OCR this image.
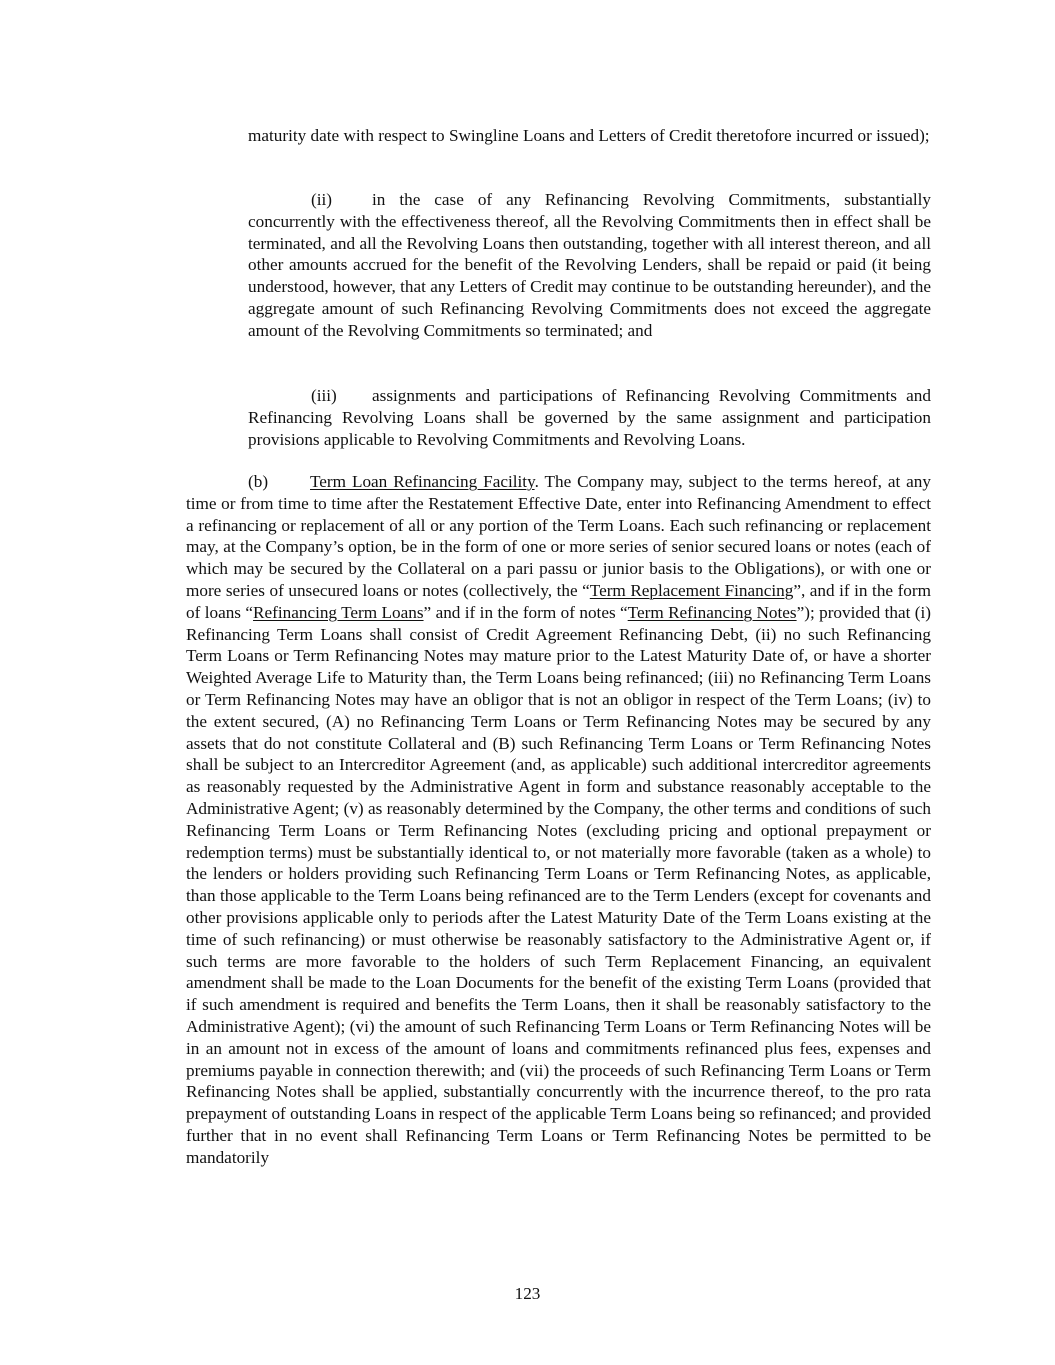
maturity date with respect to Swingline Loans and Letters of Credit theretofore incurred or issued);

(ii) in the case of any Refinancing Revolving Commitments, substantially concurrently with the effectiveness thereof, all the Revolving Commitments then in effect shall be terminated, and all the Revolving Loans then outstanding, together with all interest thereon, and all other amounts accrued for the benefit of the Revolving Lenders, shall be repaid or paid (it being understood, however, that any Letters of Credit may continue to be outstanding hereunder), and the aggregate amount of such Refinancing Revolving Commitments does not exceed the aggregate amount of the Revolving Commitments so terminated; and

(iii) assignments and participations of Refinancing Revolving Commitments and Refinancing Revolving Loans shall be governed by the same assignment and participation provisions applicable to Revolving Commitments and Revolving Loans.

(b) Term Loan Refinancing Facility. The Company may, subject to the terms hereof, at any time or from time to time after the Restatement Effective Date, enter into Refinancing Amendment to effect a refinancing or replacement of all or any portion of the Term Loans. Each such refinancing or replacement may, at the Company’s option, be in the form of one or more series of senior secured loans or notes (each of which may be secured by the Collateral on a pari passu or junior basis to the Obligations), or with one or more series of unsecured loans or notes (collectively, the “Term Replacement Financing”, and if in the form of loans “Refinancing Term Loans” and if in the form of notes “Term Refinancing Notes”); provided that (i) Refinancing Term Loans shall consist of Credit Agreement Refinancing Debt, (ii) no such Refinancing Term Loans or Term Refinancing Notes may mature prior to the Latest Maturity Date of, or have a shorter Weighted Average Life to Maturity than, the Term Loans being refinanced; (iii) no Refinancing Term Loans or Term Refinancing Notes may have an obligor that is not an obligor in respect of the Term Loans; (iv) to the extent secured, (A) no Refinancing Term Loans or Term Refinancing Notes may be secured by any assets that do not constitute Collateral and (B) such Refinancing Term Loans or Term Refinancing Notes shall be subject to an Intercreditor Agreement (and, as applicable) such additional intercreditor agreements as reasonably requested by the Administrative Agent in form and substance reasonably acceptable to the Administrative Agent; (v) as reasonably determined by the Company, the other terms and conditions of such Refinancing Term Loans or Term Refinancing Notes (excluding pricing and optional prepayment or redemption terms) must be substantially identical to, or not materially more favorable (taken as a whole) to the lenders or holders providing such Refinancing Term Loans or Term Refinancing Notes, as applicable, than those applicable to the Term Loans being refinanced are to the Term Lenders (except for covenants and other provisions applicable only to periods after the Latest Maturity Date of the Term Loans existing at the time of such refinancing) or must otherwise be reasonably satisfactory to the Administrative Agent or, if such terms are more favorable to the holders of such Term Replacement Financing, an equivalent amendment shall be made to the Loan Documents for the benefit of the existing Term Loans (provided that if such amendment is required and benefits the Term Loans, then it shall be reasonably satisfactory to the Administrative Agent); (vi) the amount of such Refinancing Term Loans or Term Refinancing Notes will be in an amount not in excess of the amount of loans and commitments refinanced plus fees, expenses and premiums payable in connection therewith; and (vii) the proceeds of such Refinancing Term Loans or Term Refinancing Notes shall be applied, substantially concurrently with the incurrence thereof, to the pro rata prepayment of outstanding Loans in respect of the applicable Term Loans being so refinanced; and provided further that in no event shall Refinancing Term Loans or Term Refinancing Notes be permitted to be mandatorily

123
